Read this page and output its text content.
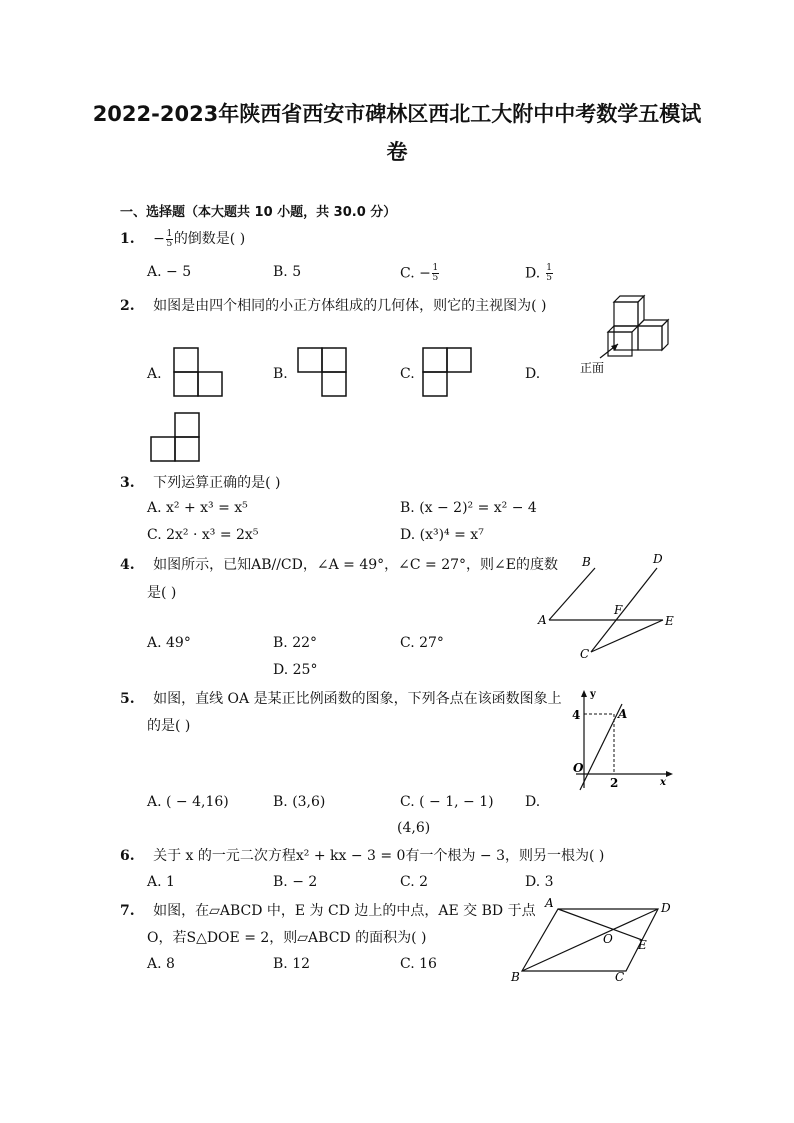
2022-2023年陕西省西安市碑林区西北工大附中中考数学五模试
卷
一、选择题（本大题共 10 小题，共 30.0 分）
1. − $\frac{1}{5}$ 的倒数是( )
A. − 5	B. 5	C. − $\frac{1}{5}$	D. $\frac{1}{5}$
2. 如图是由四个相同的小正方体组成的几何体，则它的主视图为( )
正面
A.	B.	C.	D.
3. 下列运算正确的是( )
A. x² + x³ = x⁵	B. (x − 2)² = x² − 4
C. 2x² · x³ = 2x⁵	D. (x³)⁴ = x⁷
4. 如图所示，已知AB//CD，∠A = 49°，∠C = 27°，则∠E的度数
是( )
B	D
F
A	E
C
A. 49°	B. 22°	C. 27°
D. 25°
5. 如图，直线 OA 是某正比例函数的图象，下列各点在该函数图象上
的是( )
y
x
4
2
O
A
A. ( − 4,16)	B. (3,6)	C. ( − 1, − 1) D.
(4,6)
6. 关于 x 的一元二次方程x² + kx − 3 = 0有一个根为 − 3，则另一根为( )
A. 1	B. − 2	C. 2	D. 3
7. 如图，在▱ABCD 中，E 为 CD 边上的中点，AE 交 BD 于点
O，若S△DOE = 2，则▱ABCD 的面积为( )
A	D
O E
B	C
A. 8	B. 12	C. 16
